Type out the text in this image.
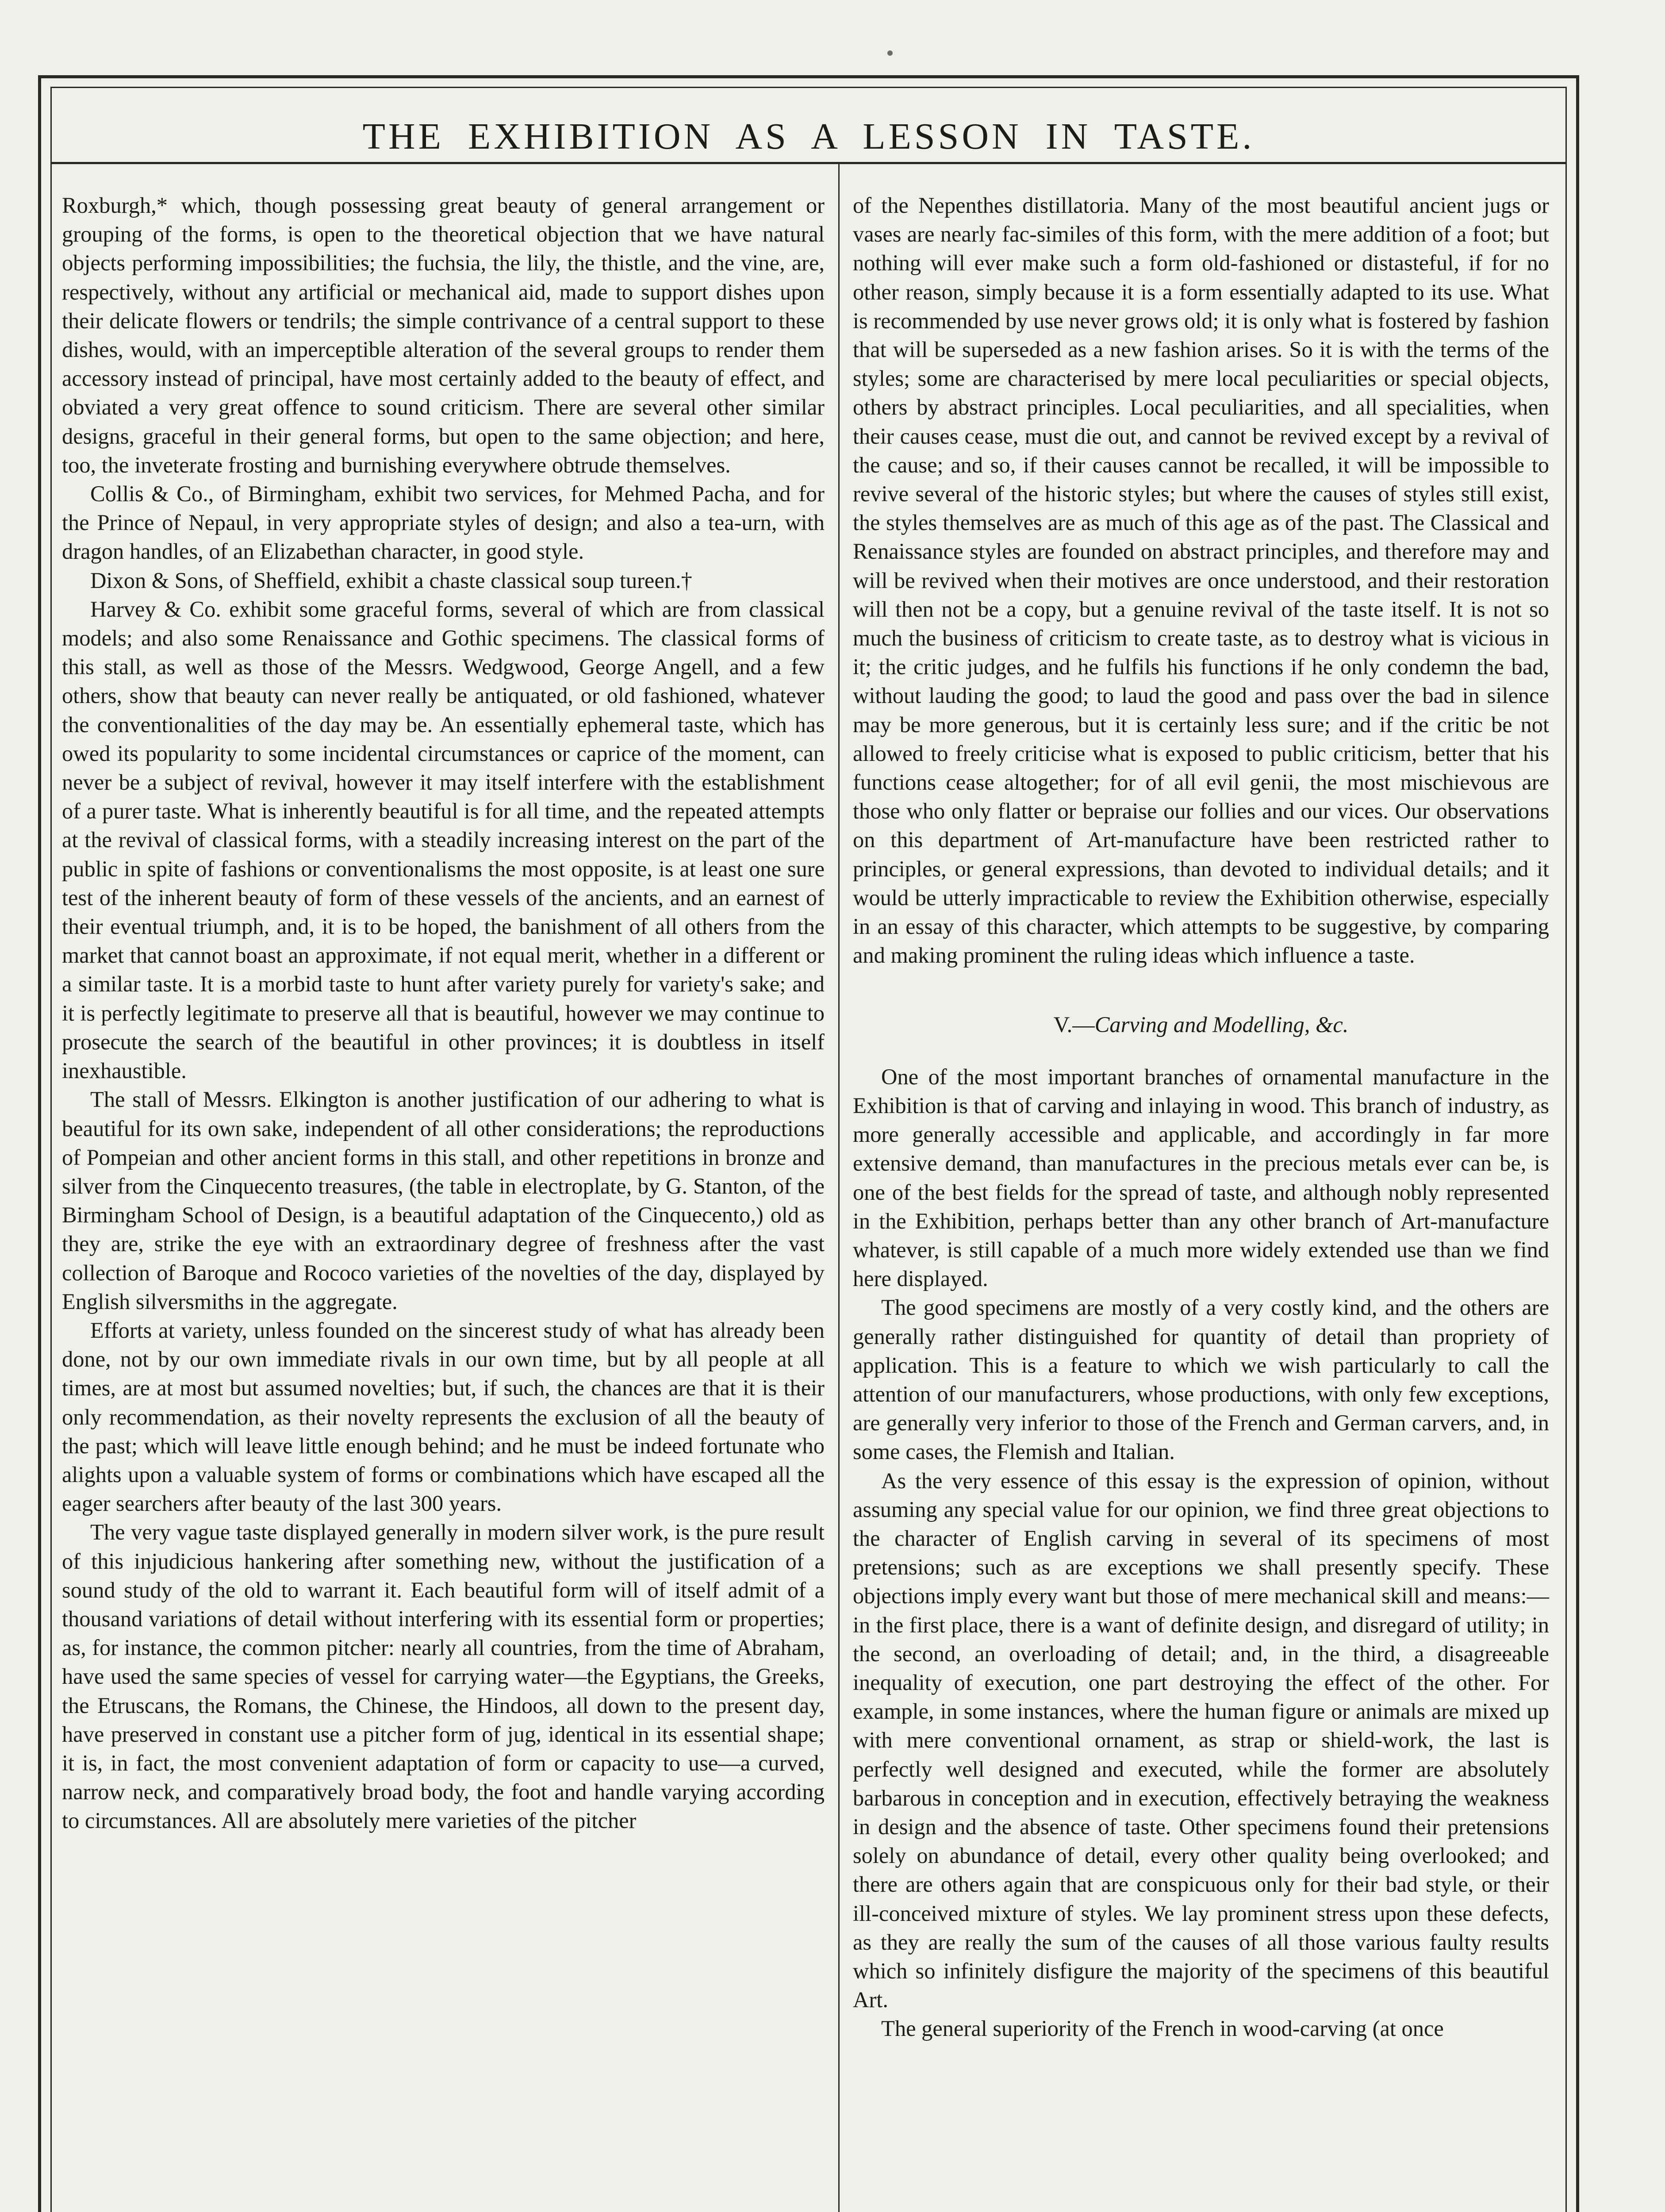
THE EXHIBITION AS A LESSON IN TASTE.

Roxburgh,* which, though possessing great beauty of general arrangement or grouping of the forms, is open to the theoretical objection that we have natural objects performing impossibilities; the fuchsia, the lily, the thistle, and the vine, are, respectively, without any artificial or mechanical aid, made to support dishes upon their delicate flowers or tendrils; the simple contrivance of a central support to these dishes, would, with an imperceptible alteration of the several groups to render them accessory instead of principal, have most certainly added to the beauty of effect, and obviated a very great offence to sound criticism. There are several other similar designs, graceful in their general forms, but open to the same objection; and here, too, the inveterate frosting and burnishing everywhere obtrude themselves.

Collis & Co., of Birmingham, exhibit two services, for Mehmed Pacha, and for the Prince of Nepaul, in very appropriate styles of design; and also a tea-urn, with dragon handles, of an Elizabethan character, in good style.

Dixon & Sons, of Sheffield, exhibit a chaste classical soup tureen.†

Harvey & Co. exhibit some graceful forms, several of which are from classical models; and also some Renaissance and Gothic specimens. The classical forms of this stall, as well as those of the Messrs. Wedgwood, George Angell, and a few others, show that beauty can never really be antiquated, or old fashioned, whatever the conventionalities of the day may be. An essentially ephemeral taste, which has owed its popularity to some incidental circumstances or caprice of the moment, can never be a subject of revival, however it may itself interfere with the establishment of a purer taste. What is inherently beautiful is for all time, and the repeated attempts at the revival of classical forms, with a steadily increasing interest on the part of the public in spite of fashions or conventionalisms the most opposite, is at least one sure test of the inherent beauty of form of these vessels of the ancients, and an earnest of their eventual triumph, and, it is to be hoped, the banishment of all others from the market that cannot boast an approximate, if not equal merit, whether in a different or a similar taste. It is a morbid taste to hunt after variety purely for variety's sake; and it is perfectly legitimate to preserve all that is beautiful, however we may continue to prosecute the search of the beautiful in other provinces; it is doubtless in itself inexhaustible.

The stall of Messrs. Elkington is another justification of our adhering to what is beautiful for its own sake, independent of all other considerations; the reproductions of Pompeian and other ancient forms in this stall, and other repetitions in bronze and silver from the Cinquecento treasures, (the table in electroplate, by G. Stanton, of the Birmingham School of Design, is a beautiful adaptation of the Cinquecento,) old as they are, strike the eye with an extraordinary degree of freshness after the vast collection of Baroque and Rococo varieties of the novelties of the day, displayed by English silversmiths in the aggregate.

Efforts at variety, unless founded on the sincerest study of what has already been done, not by our own immediate rivals in our own time, but by all people at all times, are at most but assumed novelties; but, if such, the chances are that it is their only recommendation, as their novelty represents the exclusion of all the beauty of the past; which will leave little enough behind; and he must be indeed fortunate who alights upon a valuable system of forms or combinations which have escaped all the eager searchers after beauty of the last 300 years.

The very vague taste displayed generally in modern silver work, is the pure result of this injudicious hankering after something new, without the justification of a sound study of the old to warrant it. Each beautiful form will of itself admit of a thousand variations of detail without interfering with its essential form or properties; as, for instance, the common pitcher: nearly all countries, from the time of Abraham, have used the same species of vessel for carrying water—the Egyptians, the Greeks, the Etruscans, the Romans, the Chinese, the Hindoos, all down to the present day, have preserved in constant use a pitcher form of jug, identical in its essential shape; it is, in fact, the most convenient adaptation of form or capacity to use—a curved, narrow neck, and comparatively broad body, the foot and handle varying according to circumstances. All are absolutely mere varieties of the pitcher

of the Nepenthes distillatoria. Many of the most beautiful ancient jugs or vases are nearly fac-similes of this form, with the mere addition of a foot; but nothing will ever make such a form old-fashioned or distasteful, if for no other reason, simply because it is a form essentially adapted to its use. What is recommended by use never grows old; it is only what is fostered by fashion that will be superseded as a new fashion arises. So it is with the terms of the styles; some are characterised by mere local peculiarities or special objects, others by abstract principles. Local peculiarities, and all specialities, when their causes cease, must die out, and cannot be revived except by a revival of the cause; and so, if their causes cannot be recalled, it will be impossible to revive several of the historic styles; but where the causes of styles still exist, the styles themselves are as much of this age as of the past. The Classical and Renaissance styles are founded on abstract principles, and therefore may and will be revived when their motives are once understood, and their restoration will then not be a copy, but a genuine revival of the taste itself. It is not so much the business of criticism to create taste, as to destroy what is vicious in it; the critic judges, and he fulfils his functions if he only condemn the bad, without lauding the good; to laud the good and pass over the bad in silence may be more generous, but it is certainly less sure; and if the critic be not allowed to freely criticise what is exposed to public criticism, better that his functions cease altogether; for of all evil genii, the most mischievous are those who only flatter or bepraise our follies and our vices. Our observations on this department of Art-manufacture have been restricted rather to principles, or general expressions, than devoted to individual details; and it would be utterly impracticable to review the Exhibition otherwise, especially in an essay of this character, which attempts to be suggestive, by comparing and making prominent the ruling ideas which influence a taste.

V.—Carving and Modelling, &c.

One of the most important branches of ornamental manufacture in the Exhibition is that of carving and inlaying in wood. This branch of industry, as more generally accessible and applicable, and accordingly in far more extensive demand, than manufactures in the precious metals ever can be, is one of the best fields for the spread of taste, and although nobly represented in the Exhibition, perhaps better than any other branch of Art-manufacture whatever, is still capable of a much more widely extended use than we find here displayed.

The good specimens are mostly of a very costly kind, and the others are generally rather distinguished for quantity of detail than propriety of application. This is a feature to which we wish particularly to call the attention of our manufacturers, whose productions, with only few exceptions, are generally very inferior to those of the French and German carvers, and, in some cases, the Flemish and Italian.

As the very essence of this essay is the expression of opinion, without assuming any special value for our opinion, we find three great objections to the character of English carving in several of its specimens of most pretensions; such as are exceptions we shall presently specify. These objections imply every want but those of mere mechanical skill and means:—in the first place, there is a want of definite design, and disregard of utility; in the second, an overloading of detail; and, in the third, a disagreeable inequality of execution, one part destroying the effect of the other. For example, in some instances, where the human figure or animals are mixed up with mere conventional ornament, as strap or shield-work, the last is perfectly well designed and executed, while the former are absolutely barbarous in conception and in execution, effectively betraying the weakness in design and the absence of taste. Other specimens found their pretensions solely on abundance of detail, every other quality being overlooked; and there are others again that are conspicuous only for their bad style, or their ill-conceived mixture of styles. We lay prominent stress upon these defects, as they are really the sum of the causes of all those various faulty results which so infinitely disfigure the majority of the specimens of this beautiful Art.

The general superiority of the French in wood-carving (at once
